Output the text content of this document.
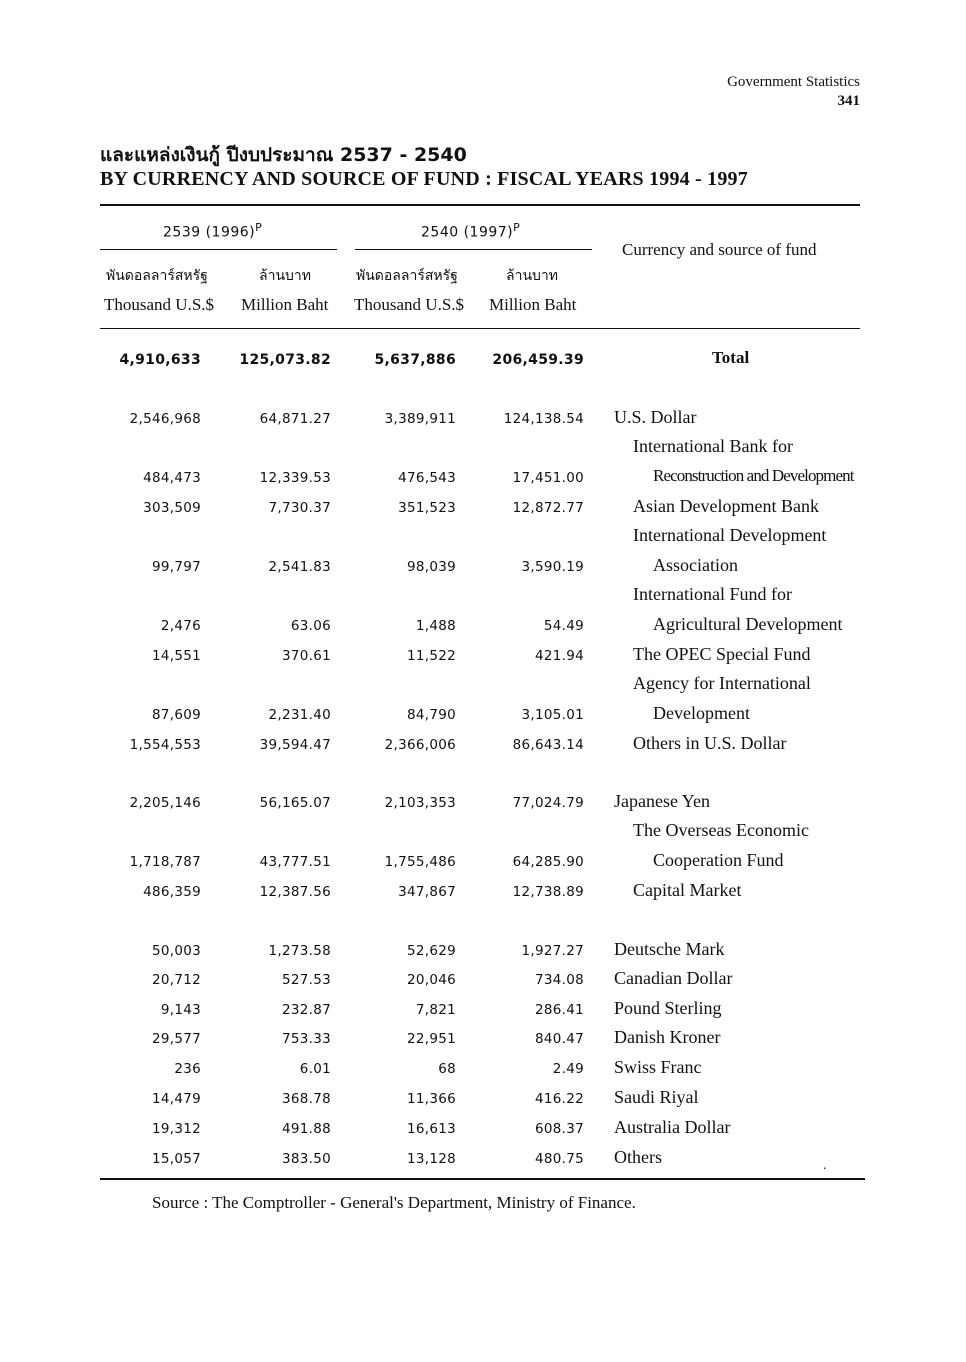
Government Statistics
341
และแหล่งเงินกู้ ปีงบประมาณ 2537 - 2540
BY CURRENCY AND SOURCE OF FUND : FISCAL YEARS 1994 - 1997
2539 $(1996)^P$	2540 $(1997)^P$
Currency and source of fund
พันดอลลาร์สหรัฐ	ล้านบาท	พันดอลลาร์สหรัฐ	ล้านบาท
Thousand U.S.$ Million Baht Thousand U.S.$ Million Baht
4,910,633	125,073.82	5,637,886	206,459.39	Total
2,546,968	64,871.27	3,389,911	124,138.54 U.S. Dollar
International Bank for
484,473	12,339.53	476,543	17,451.00	Reconstruction and Development
303,509	7,730.37	351,523	12,872.77	Asian Development Bank
International Development
99,797	2,541.83	98,039	3,590.19	Association
International Fund for
2,476	63.06	1,488	54.49	Agricultural Development
14,551	370.61	11,522	421.94	The OPEC Special Fund
Agency for International
87,609	2,231.40	84,790	3,105.01	Development
1,554,553	39,594.47	2,366,006	86,643.14	Others in U.S. Dollar
2,205,146	56,165.07	2,103,353	77,024.79 Japanese Yen
The Overseas Economic
1,718,787	43,777.51	1,755,486	64,285.90	Cooperation Fund
486,359	12,387.56	347,867	12,738.89	Capital Market
50,003	1,273.58	52,629	1,927.27 Deutsche Mark
20,712	527.53	20,046	734.08 Canadian Dollar
9,143	232.87	7,821	286.41 Pound Sterling
29,577	753.33	22,951	840.47 Danish Kroner
236	6.01	68	2.49 Swiss Franc
14,479	368.78	11,366	416.22 Saudi Riyal
19,312	491.88	16,613	608.37 Australia Dollar
15,057	383.50	13,128	480.75 Others	.
Source : The Comptroller - General's Department, Ministry of Finance.
